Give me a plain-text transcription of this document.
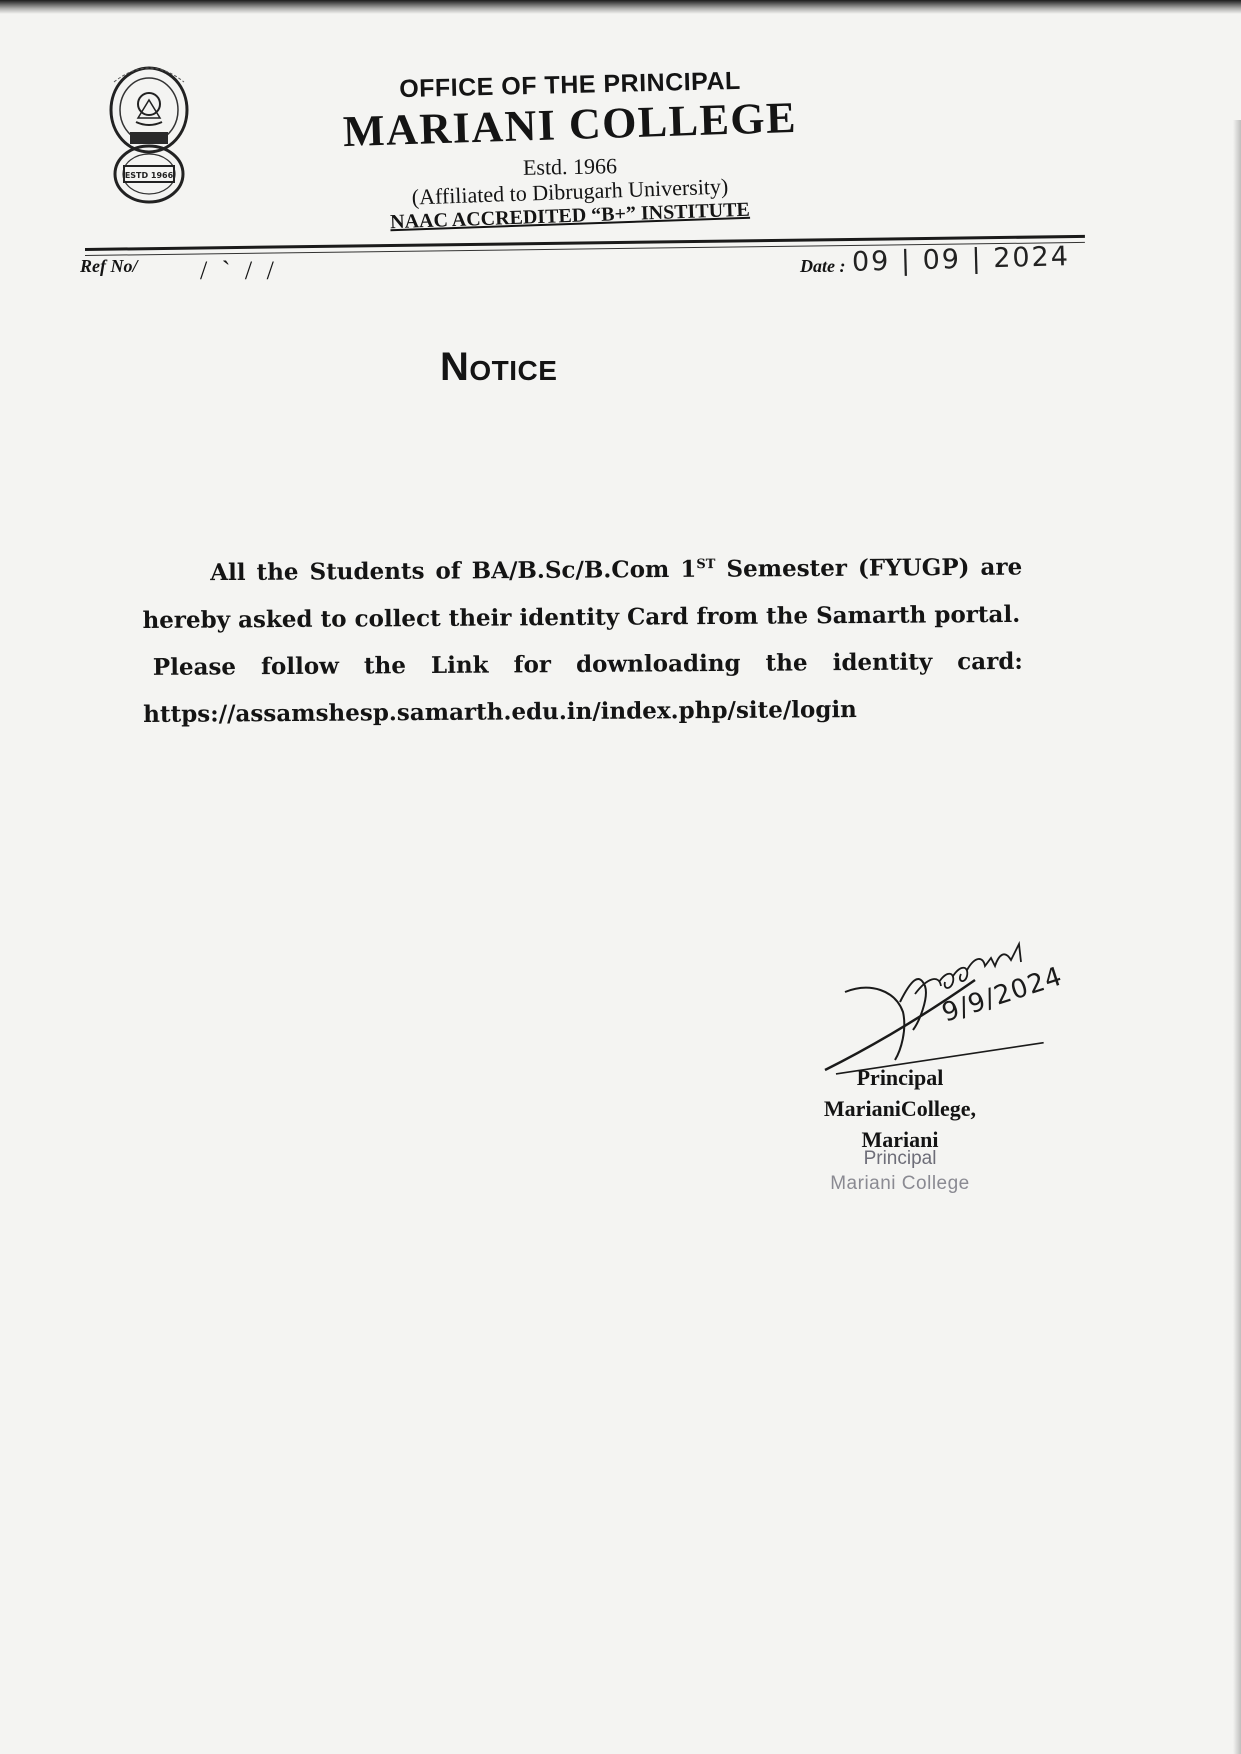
ESTD 1966
OFFICE OF THE PRINCIPAL
MARIANI COLLEGE
Estd. 1966
(Affiliated to Dibrugarh University)
NAAC ACCREDITED “B+” INSTITUTE
Ref No/ / ˋ / /	Date : 09 | 09 | 2024
Notice

All the Students of BA/B.Sc/B.Com 1ST Semester (FYUGP) are hereby asked to collect their identity Card from the Samarth portal.

Please follow the Link for downloading the identity card:

https://assamshesp.samarth.edu.in/index.php/site/login

9/9/2024
Principal
MarianiCollege,
Mariani
Principal
Mariani College
